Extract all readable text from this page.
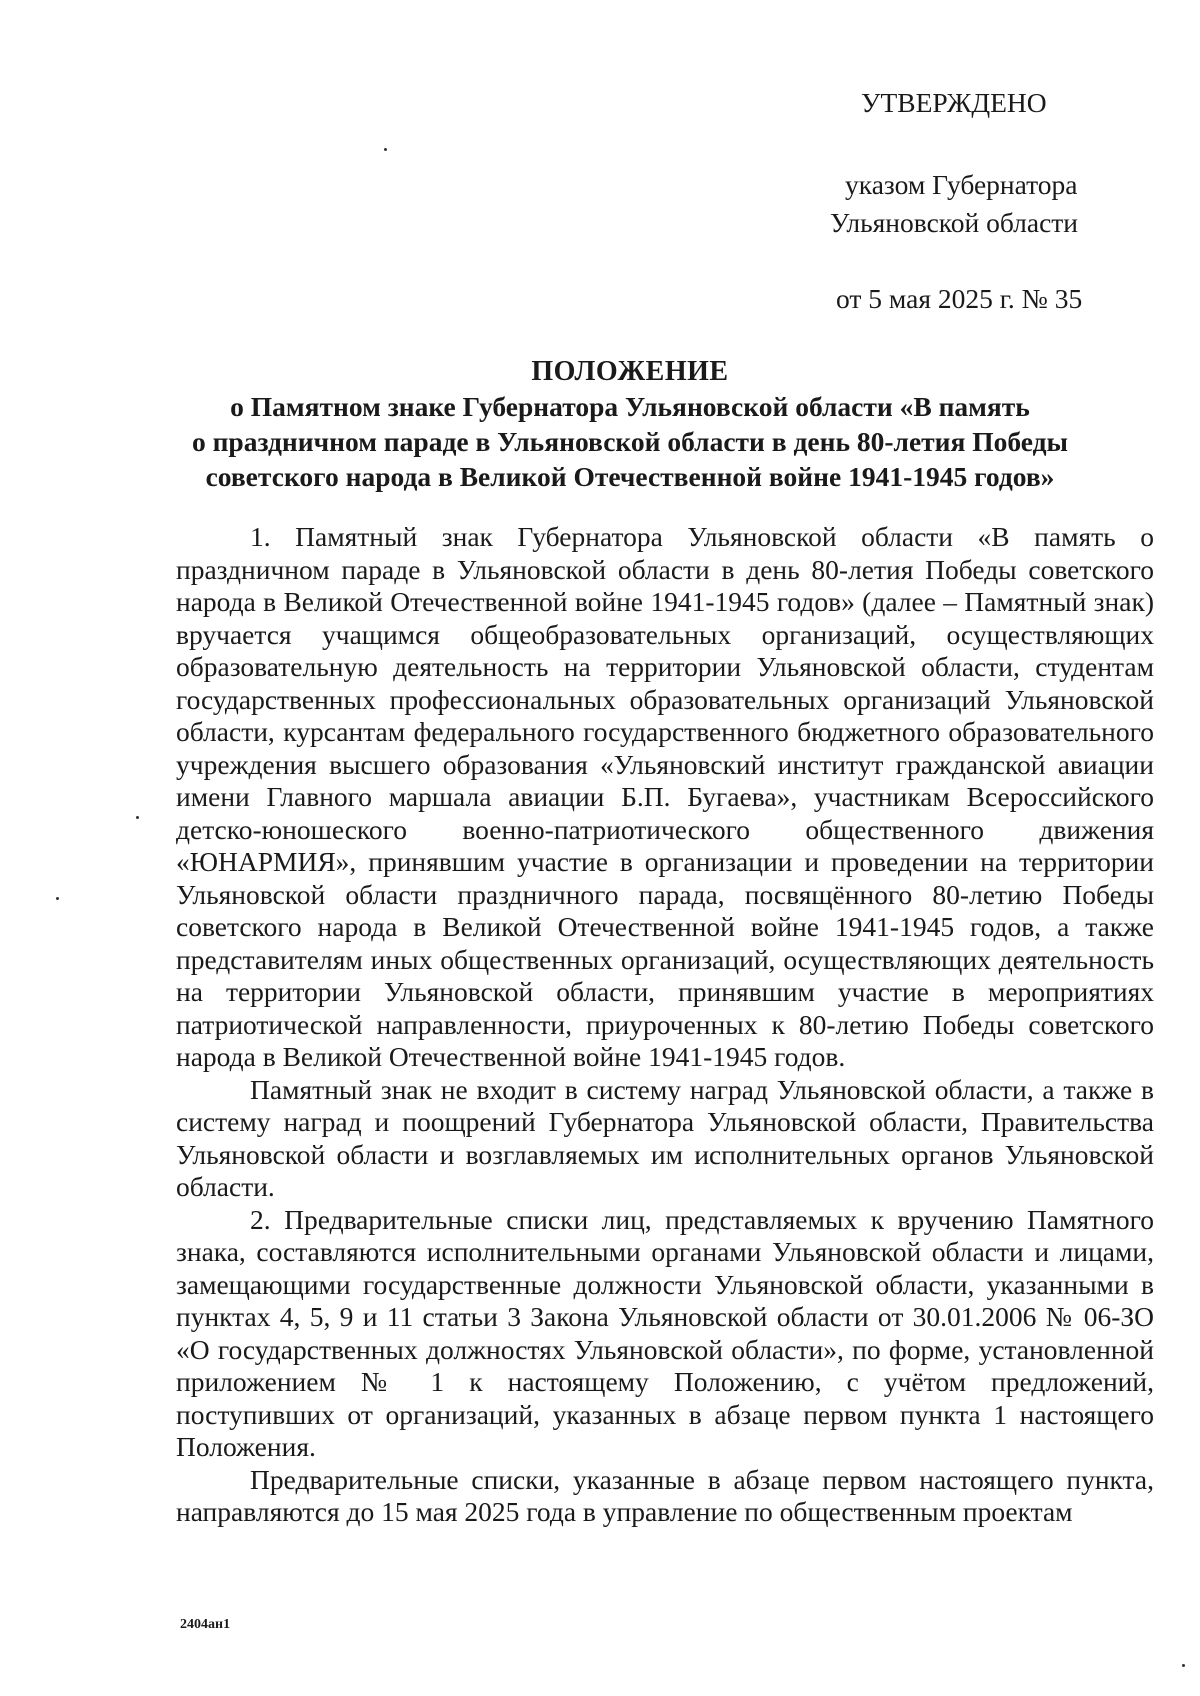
УТВЕРЖДЕНО
указом Губернатора
Ульяновской области
от 5 мая 2025 г. № 35
ПОЛОЖЕНИЕ
о Памятном знаке Губернатора Ульяновской области «В память
о праздничном параде в Ульяновской области в день 80-летия Победы
советского народа в Великой Отечественной войне 1941-1945 годов»

1. Памятный знак Губернатора Ульяновской области «В память о праздничном параде в Ульяновской области в день 80-летия Победы советского народа в Великой Отечественной войне 1941-1945 годов» (далее – Памятный знак) вручается учащимся общеобразовательных организаций, осуществляющих образовательную деятельность на территории Ульяновской области, студентам государственных профессиональных образовательных организаций Ульяновской области, курсантам федерального государственного бюджетного образовательного учреждения высшего образования «Ульяновский институт гражданской авиации имени Главного маршала авиации Б.П. Бугаева», участникам Всероссийского детско-юношеского военно-патриотического общественного движения «ЮНАРМИЯ», принявшим участие в организации и проведении на территории Ульяновской области праздничного парада, посвящённого 80-летию Победы советского народа в Великой Отечественной войне 1941-1945 годов, а также представителям иных общественных организаций, осуществляющих деятельность на территории Ульяновской области, принявшим участие в мероприятиях патриотической направленности, приуроченных к 80-летию Победы советского народа в Великой Отечественной войне 1941-1945 годов.

Памятный знак не входит в систему наград Ульяновской области, а также в систему наград и поощрений Губернатора Ульяновской области, Правительства Ульяновской области и возглавляемых им исполнительных органов Ульяновской области.

2. Предварительные списки лиц, представляемых к вручению Памятного знака, составляются исполнительными органами Ульяновской области и лицами, замещающими государственные должности Ульяновской области, указанными в пунктах 4, 5, 9 и 11 статьи 3 Закона Ульяновской области от 30.01.2006 № 06-ЗО «О государственных должностях Ульяновской области», по форме, установленной приложением № 1 к настоящему Положению, с учётом предложений, поступивших от организаций, указанных в абзаце первом пункта 1 настоящего Положения.

Предварительные списки, указанные в абзаце первом настоящего пункта, направляются до 15 мая 2025 года в управление по общественным проектам

2404ан1
